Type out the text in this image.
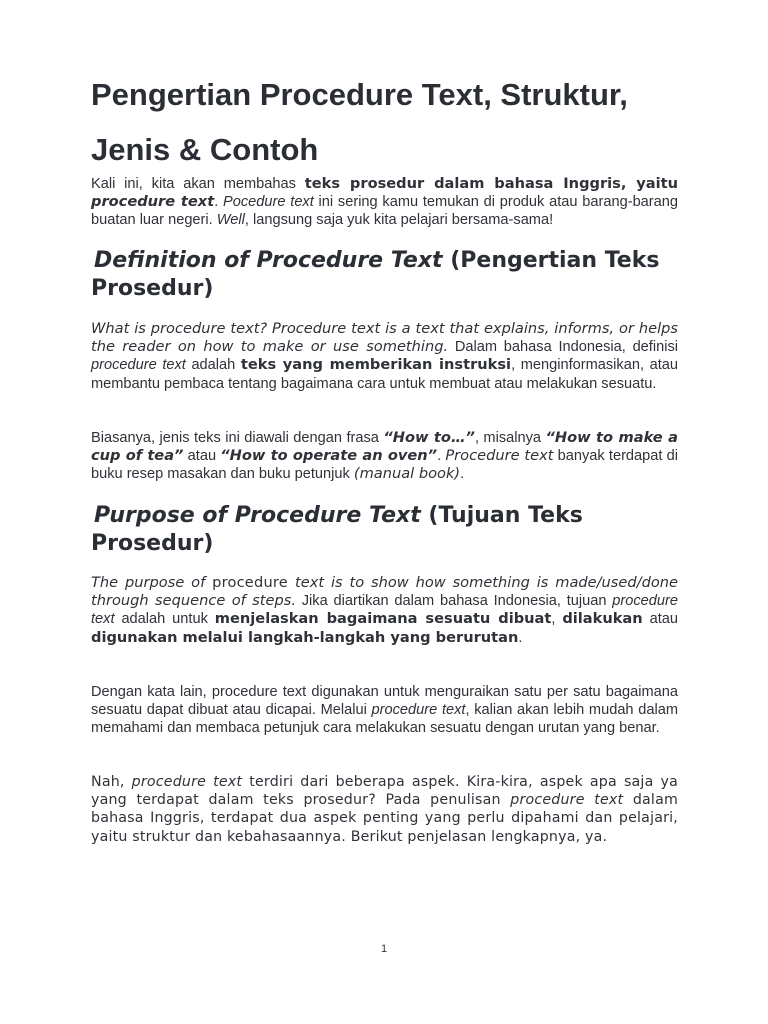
Pengertian Procedure Text, Struktur, Jenis & Contoh

Kali ini, kita akan membahas teks prosedur dalam bahasa Inggris, yaitu procedure text. Pocedure text ini sering kamu temukan di produk atau barang-barang buatan luar negeri. Well, langsung saja yuk kita pelajari bersama-sama!

Definition of Procedure Text (Pengertian Teks Prosedur)

What is procedure text? Procedure text is a text that explains, informs, or helps the reader on how to make or use something. Dalam bahasa Indonesia, definisi procedure text adalah teks yang memberikan instruksi, menginformasikan, atau membantu pembaca tentang bagaimana cara untuk membuat atau melakukan sesuatu.

Biasanya, jenis teks ini diawali dengan frasa “How to…”, misalnya “How to make a cup of tea” atau “How to operate an oven”. Procedure text banyak terdapat di buku resep masakan dan buku petunjuk (manual book).

Purpose of Procedure Text (Tujuan Teks Prosedur)

The purpose of procedure text is to show how something is made/used/done through sequence of steps. Jika diartikan dalam bahasa Indonesia, tujuan procedure text adalah untuk menjelaskan bagaimana sesuatu dibuat, dilakukan atau digunakan melalui langkah-langkah yang berurutan.

Dengan kata lain, procedure text digunakan untuk menguraikan satu per satu bagaimana sesuatu dapat dibuat atau dicapai. Melalui procedure text, kalian akan lebih mudah dalam memahami dan membaca petunjuk cara melakukan sesuatu dengan urutan yang benar.

Nah, procedure text terdiri dari beberapa aspek. Kira-kira, aspek apa saja ya yang terdapat dalam teks prosedur? Pada penulisan procedure text dalam bahasa Inggris, terdapat dua aspek penting yang perlu dipahami dan pelajari, yaitu struktur dan kebahasaannya. Berikut penjelasan lengkapnya, ya.

1
